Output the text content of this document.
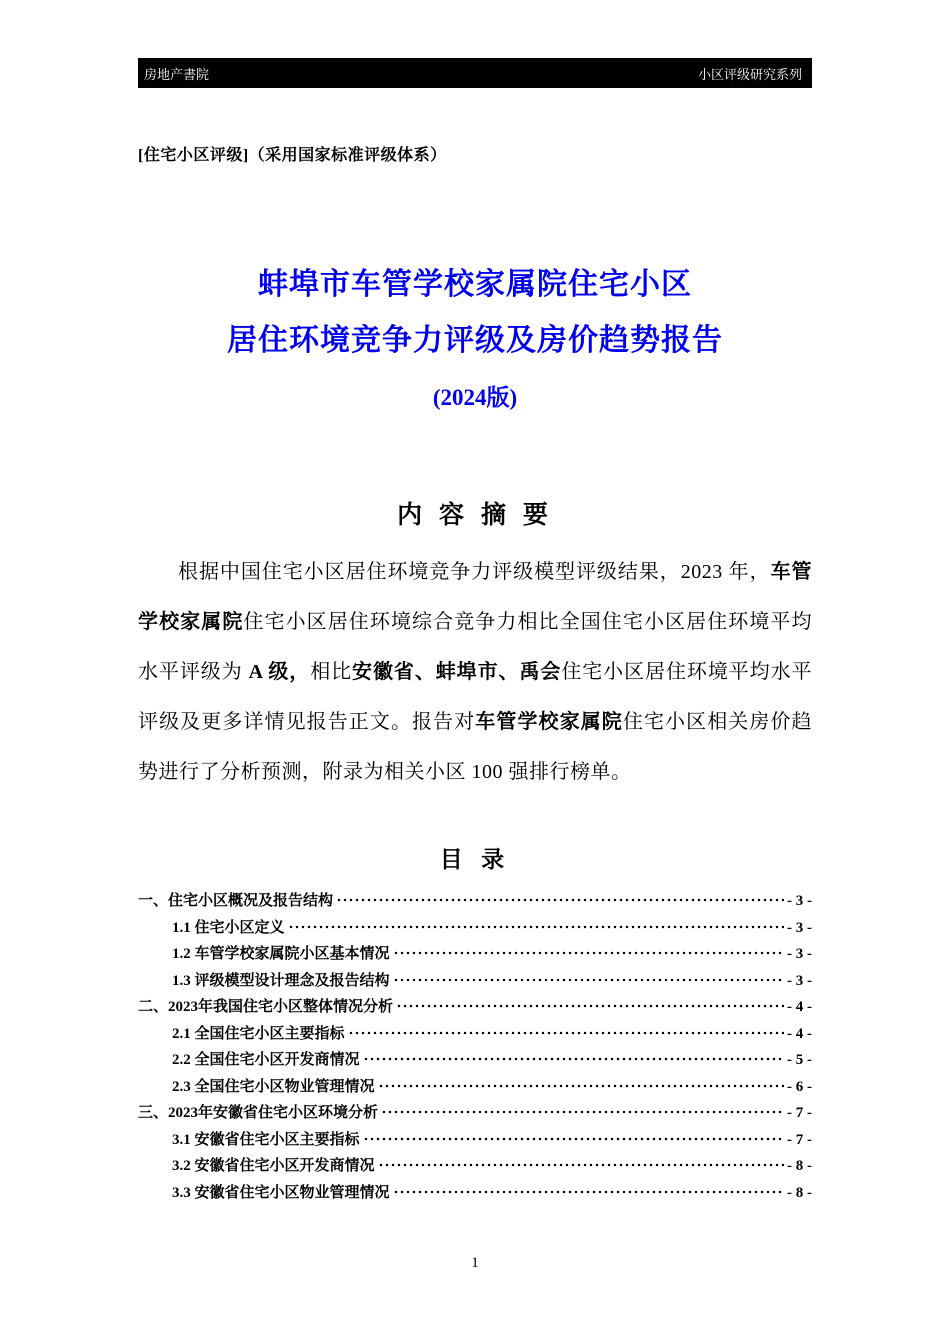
房地产書院	小区评级研究系列
[住宅小区评级]（采用国家标准评级体系）
蚌埠市车管学校家属院住宅小区
居住环境竞争力评级及房价趋势报告
(2024版)
内 容 摘 要

根据中国住宅小区居住环境竞争力评级模型评级结果，2023 年，车管学校家属院住宅小区居住环境综合竞争力相比全国住宅小区居住环境平均水平评级为 A 级，相比安徽省、蚌埠市、禹会住宅小区居住环境平均水平评级及更多详情见报告正文。报告对车管学校家属院住宅小区相关房价趋势进行了分析预测，附录为相关小区 100 强排行榜单。

目 录
一、住宅小区概况及报告结构	- 3 -
1.1 住宅小区定义	- 3 -
1.2 车管学校家属院小区基本情况	- 3 -
1.3 评级模型设计理念及报告结构	- 3 -
二、2023年我国住宅小区整体情况分析	- 4 -
2.1 全国住宅小区主要指标	- 4 -
2.2 全国住宅小区开发商情况	- 5 -
2.3 全国住宅小区物业管理情况	- 6 -
三、2023年安徽省住宅小区环境分析	- 7 -
3.1 安徽省住宅小区主要指标	- 7 -
3.2 安徽省住宅小区开发商情况	- 8 -
3.3 安徽省住宅小区物业管理情况	- 8 -
1
